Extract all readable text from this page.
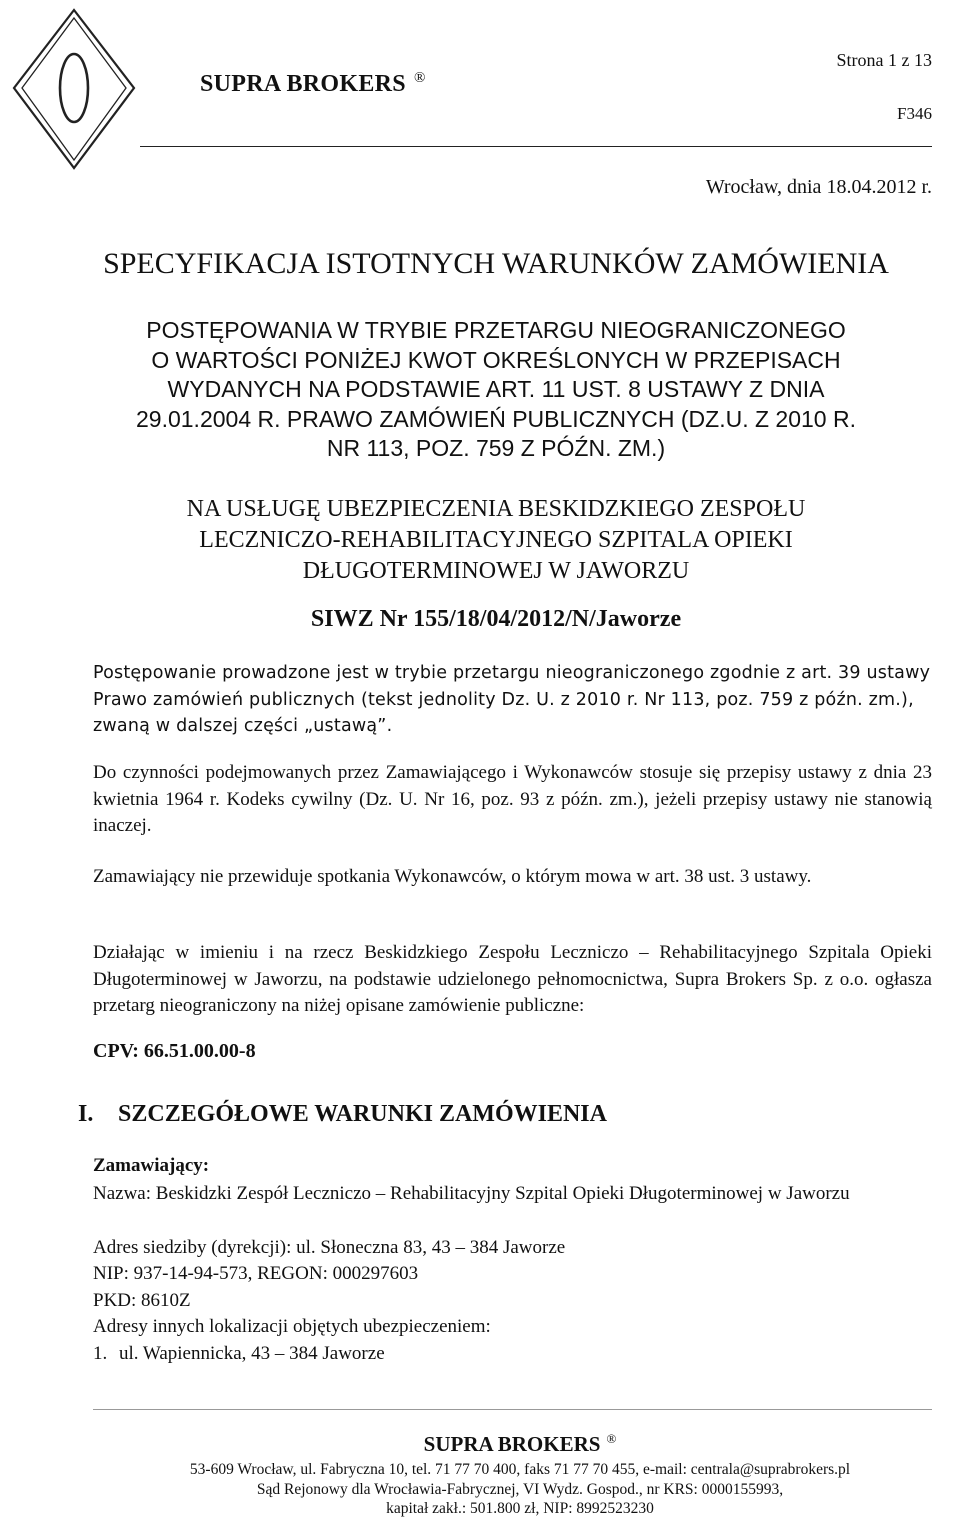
SUPRA BROKERS ®
Strona 1 z 13
F346
Wrocław, dnia 18.04.2012 r.
SPECYFIKACJA ISTOTNYCH WARUNKÓW ZAMÓWIENIA
POSTĘPOWANIA W TRYBIE PRZETARGU NIEOGRANICZONEGO
O WARTOŚCI PONIŻEJ KWOT OKREŚLONYCH W PRZEPISACH
WYDANYCH NA PODSTAWIE ART. 11 UST. 8 USTAWY Z DNIA
29.01.2004 R. PRAWO ZAMÓWIEŃ PUBLICZNYCH (DZ.U. Z 2010 R.
NR 113, POZ. 759 Z PÓŹN. ZM.)
NA USŁUGĘ UBEZPIECZENIA BESKIDZKIEGO ZESPOŁU
LECZNICZO-REHABILITACYJNEGO SZPITALA OPIEKI
DŁUGOTERMINOWEJ W JAWORZU
SIWZ Nr 155/18/04/2012/N/Jaworze
Postępowanie prowadzone jest w trybie przetargu nieograniczonego zgodnie z art. 39 ustawy Prawo zamówień publicznych (tekst jednolity Dz. U. z 2010 r. Nr 113, poz. 759 z późn. zm.), zwaną w dalszej części „ustawą”.
Do czynności podejmowanych przez Zamawiającego i Wykonawców stosuje się przepisy ustawy z dnia 23 kwietnia 1964 r. Kodeks cywilny (Dz. U. Nr 16, poz. 93 z późn. zm.), jeżeli przepisy ustawy nie stanowią inaczej.
Zamawiający nie przewiduje spotkania Wykonawców, o którym mowa w art. 38 ust. 3 ustawy.
Działając w imieniu i na rzecz Beskidzkiego Zespołu Leczniczo – Rehabilitacyjnego Szpitala Opieki Długoterminowej w Jaworzu, na podstawie udzielonego pełnomocnictwa, Supra Brokers Sp. z o.o. ogłasza przetarg nieograniczony na niżej opisane zamówienie publiczne:
CPV: 66.51.00.00-8
I. SZCZEGÓŁOWE WARUNKI ZAMÓWIENIA
Zamawiający:
Nazwa: Beskidzki Zespół Leczniczo – Rehabilitacyjny Szpital Opieki Długoterminowej w Jaworzu
Adres siedziby (dyrekcji): ul. Słoneczna 83, 43 – 384 Jaworze
NIP: 937-14-94-573, REGON: 000297603
PKD: 8610Z
Adresy innych lokalizacji objętych ubezpieczeniem:
1. ul. Wapiennicka, 43 – 384 Jaworze
SUPRA BROKERS ®
53-609 Wrocław, ul. Fabryczna 10, tel. 71 77 70 400, faks 71 77 70 455, e-mail: centrala@suprabrokers.pl
Sąd Rejonowy dla Wrocławia-Fabrycznej, VI Wydz. Gospod., nr KRS: 0000155993,
kapitał zakł.: 501.800 zł, NIP: 8992523230
